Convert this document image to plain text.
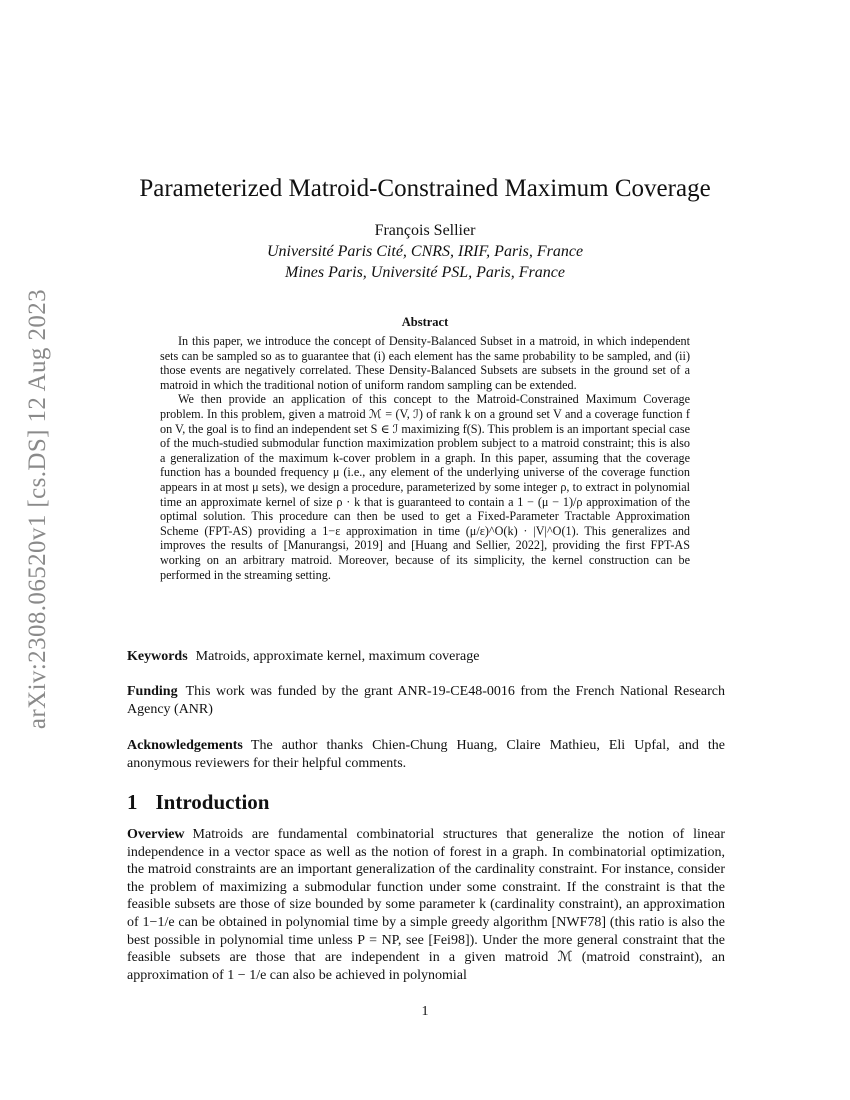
arXiv:2308.06520v1 [cs.DS] 12 Aug 2023
Parameterized Matroid-Constrained Maximum Coverage
François Sellier
Université Paris Cité, CNRS, IRIF, Paris, France
Mines Paris, Université PSL, Paris, France
Abstract

In this paper, we introduce the concept of Density-Balanced Subset in a matroid, in which independent sets can be sampled so as to guarantee that (i) each element has the same probability to be sampled, and (ii) those events are negatively correlated. These Density-Balanced Subsets are subsets in the ground set of a matroid in which the traditional notion of uniform random sampling can be extended.

We then provide an application of this concept to the Matroid-Constrained Maximum Coverage problem. In this problem, given a matroid ℳ = (V, ℐ) of rank k on a ground set V and a coverage function f on V, the goal is to find an independent set S ∈ ℐ maximizing f(S). This problem is an important special case of the much-studied submodular function maximization problem subject to a matroid constraint; this is also a generalization of the maximum k-cover problem in a graph. In this paper, assuming that the coverage function has a bounded frequency μ (i.e., any element of the underlying universe of the coverage function appears in at most μ sets), we design a procedure, parameterized by some integer ρ, to extract in polynomial time an approximate kernel of size ρ · k that is guaranteed to contain a 1 − (μ − 1)/ρ approximation of the optimal solution. This procedure can then be used to get a Fixed-Parameter Tractable Approximation Scheme (FPT-AS) providing a 1−ε approximation in time (μ/ε)^O(k) · |V|^O(1). This generalizes and improves the results of [Manurangsi, 2019] and [Huang and Sellier, 2022], providing the first FPT-AS working on an arbitrary matroid. Moreover, because of its simplicity, the kernel construction can be performed in the streaming setting.

Keywords Matroids, approximate kernel, maximum coverage
Funding This work was funded by the grant ANR-19-CE48-0016 from the French National Research Agency (ANR)
Acknowledgements The author thanks Chien-Chung Huang, Claire Mathieu, Eli Upfal, and the anonymous reviewers for their helpful comments.
1 Introduction
Overview Matroids are fundamental combinatorial structures that generalize the notion of linear independence in a vector space as well as the notion of forest in a graph. In combinatorial optimization, the matroid constraints are an important generalization of the cardinality constraint. For instance, consider the problem of maximizing a submodular function under some constraint. If the constraint is that the feasible subsets are those of size bounded by some parameter k (cardinality constraint), an approximation of 1−1/e can be obtained in polynomial time by a simple greedy algorithm [NWF78] (this ratio is also the best possible in polynomial time unless P = NP, see [Fei98]). Under the more general constraint that the feasible subsets are those that are independent in a given matroid ℳ (matroid constraint), an approximation of 1 − 1/e can also be achieved in polynomial
1
